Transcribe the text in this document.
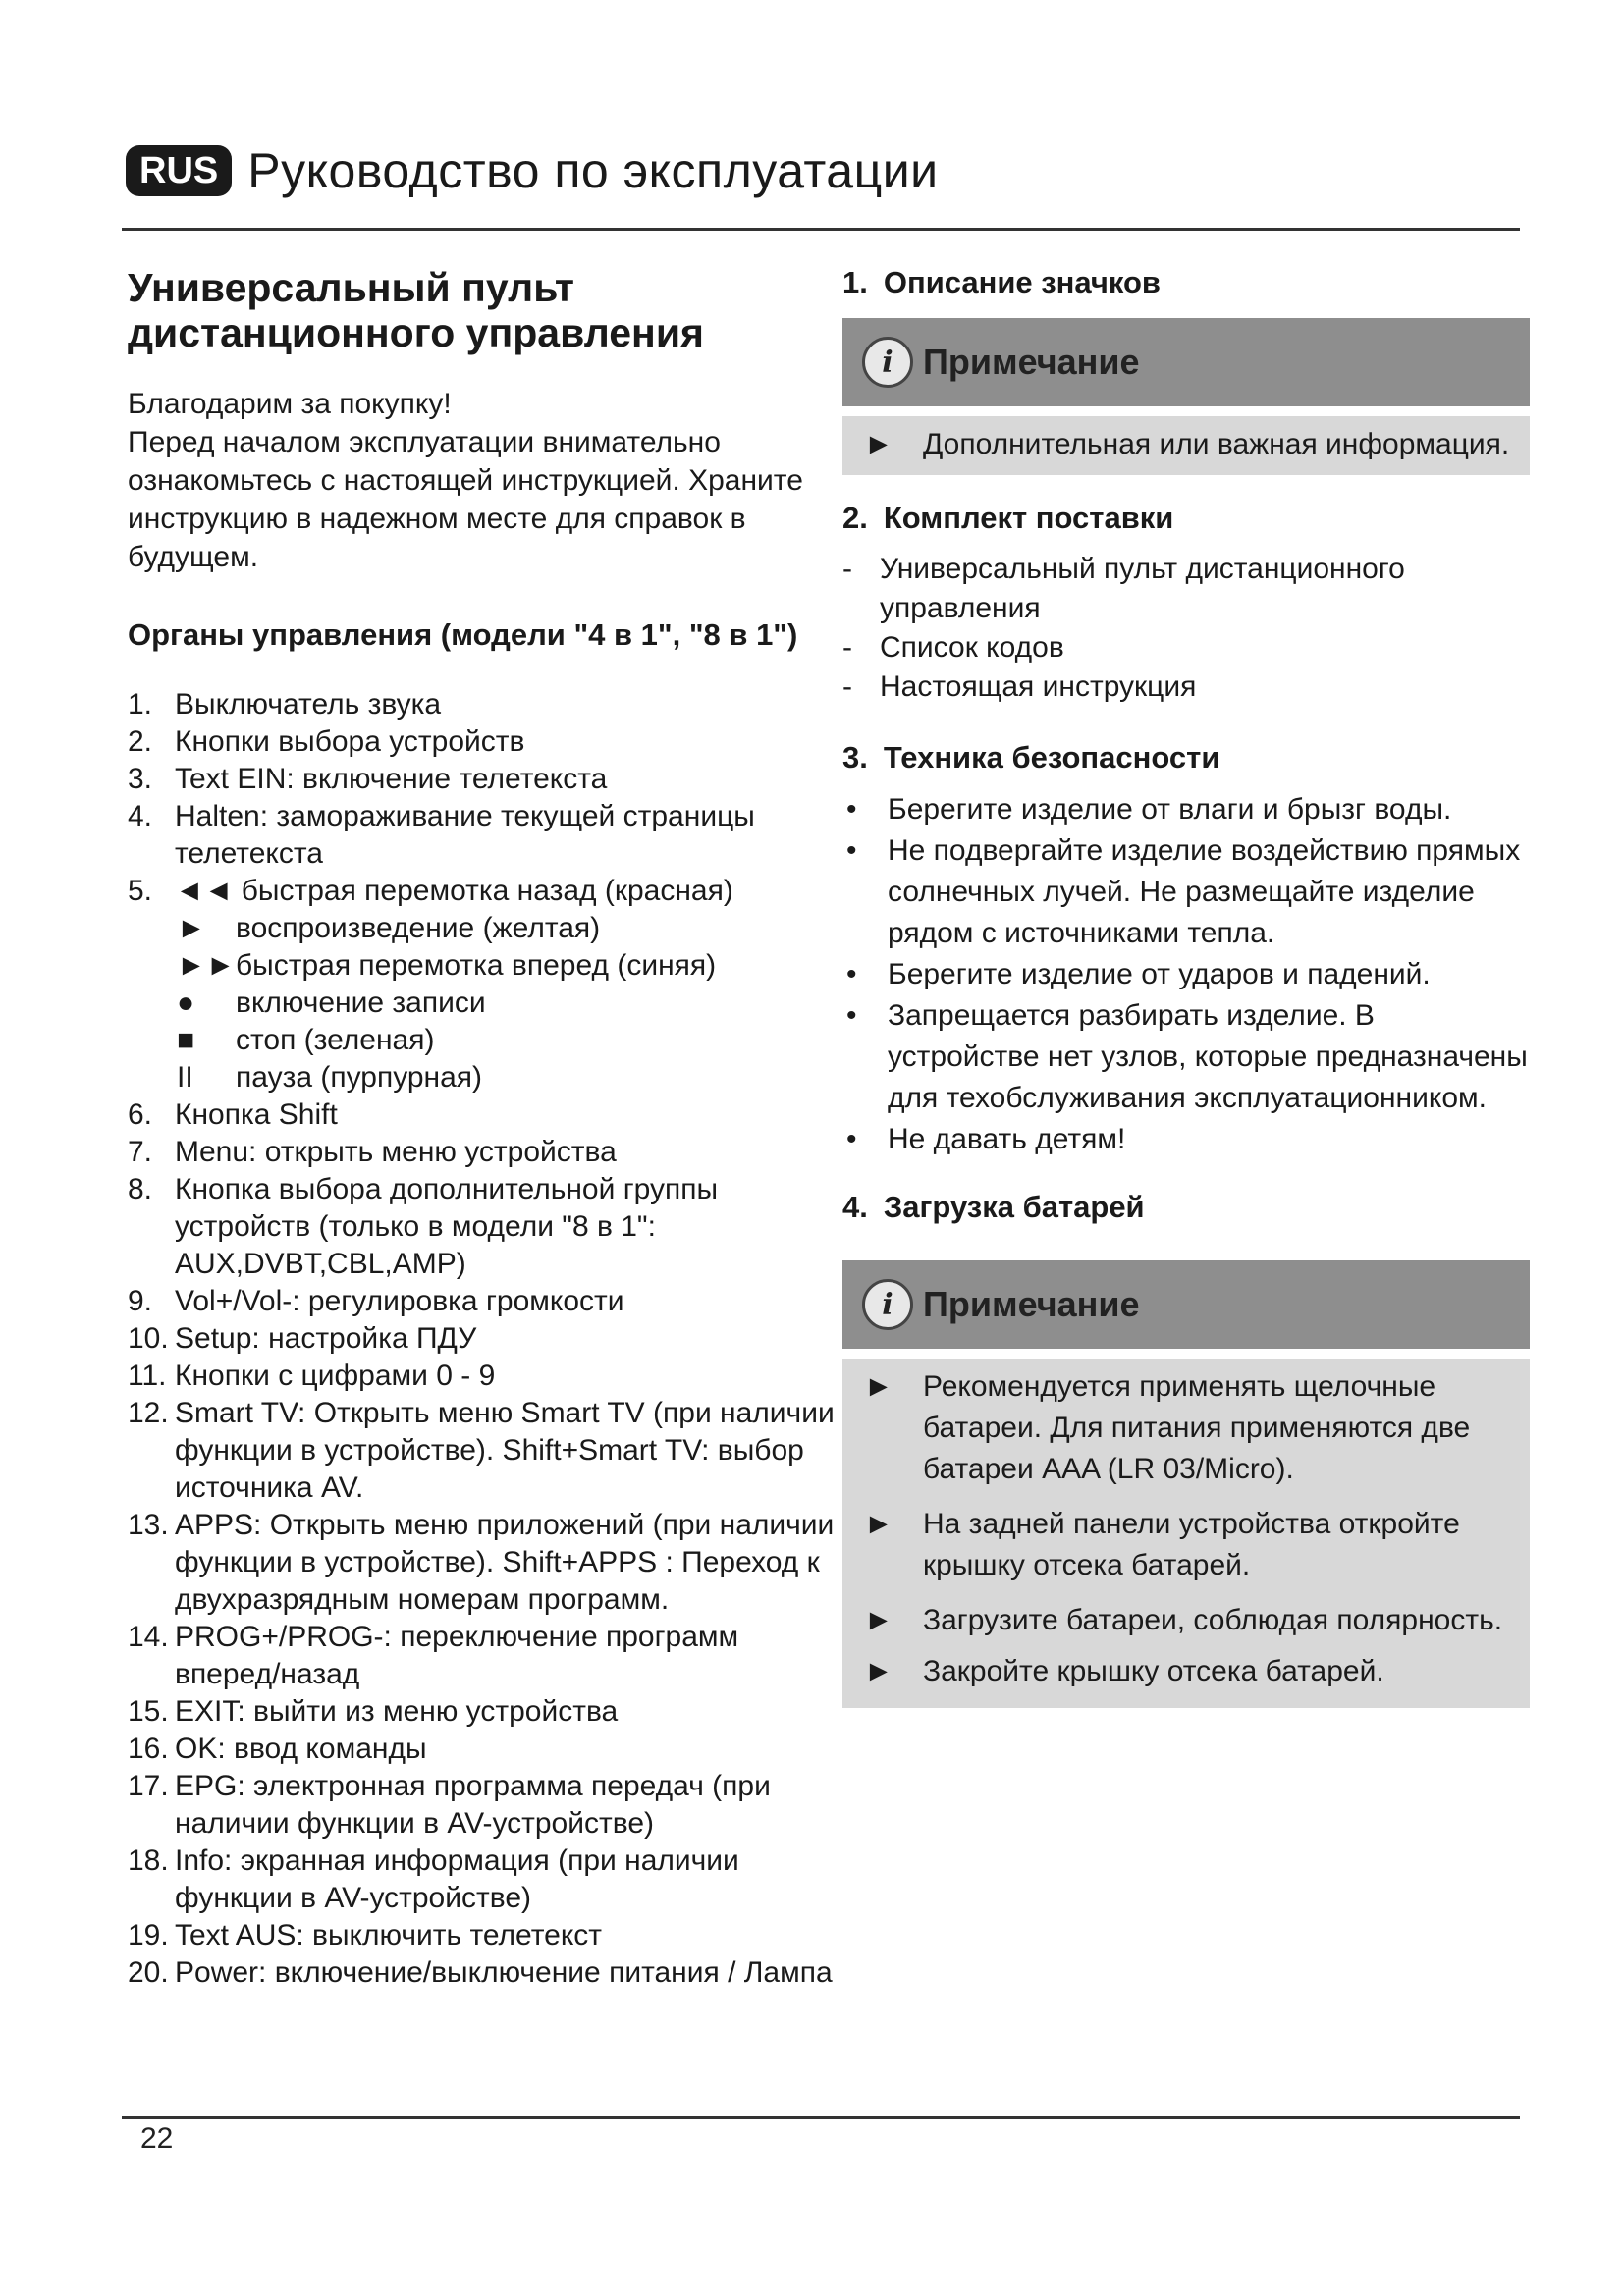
RUS Руководство по эксплуатации
Универсальный пульт
дистанционного управления
Благодарим за покупку!
Перед началом эксплуатации внимательно
ознакомьтесь с настоящей инструкцией. Храните
инструкцию в надежном месте для справок в будущем.
Органы управления (модели "4 в 1", "8 в 1")
1. Выключатель звука
2. Кнопки выбора устройств
3. Text EIN: включение телетекста
4. Halten: замораживание текущей страницы телетекста
5. ◄◄ быстрая перемотка назад (красная)
►	воспроизведение (желтая)
►► быстрая перемотка вперед (синяя)
●	включение записи
■	стоп (зеленая)
II	пауза (пурпурная)
6. Кнопка Shift
7. Menu: открыть меню устройства
8. Кнопка выбора дополнительной группы устройств (только в модели "8 в 1": AUX,DVBT,CBL,AMP)
9. Vol+/Vol-: регулировка громкости
10. Setup: настройка ПДУ
11. Кнопки с цифрами 0 - 9
12. Smart TV: Открыть меню Smart TV (при наличии функции в устройстве). Shift+Smart TV: выбор источника AV.
13. APPS: Открыть меню приложений (при наличии функции в устройстве). Shift+APPS : Переход к двухразрядным номерам программ.
14. PROG+/PROG-: переключение программ вперед/назад
15. EXIT: выйти из меню устройства
16. OK: ввод команды
17. EPG: электронная программа передач (при наличии функции в AV-устройстве)
18. Info: экранная информация (при наличии функции в AV-устройстве)
19. Text AUS: выключить телетекст
20. Power: включение/выключение питания / Лампа
1. Описание значков
i Примечание
►	Дополнительная или важная информация.
2. Комплект поставки
- Универсальный пульт дистанционного управления
- Список кодов
- Настоящая инструкция
3. Техника безопасности
•	Берегите изделие от влаги и брызг воды.
•	Не подвергайте изделие воздействию прямых солнечных лучей. Не размещайте изделие рядом с источниками тепла.
•	Берегите изделие от ударов и падений.
•	Запрещается разбирать изделие. В устройстве нет узлов, которые предназначены для техобслуживания эксплуатационником.
•	Не давать детям!
4. Загрузка батарей
i Примечание
►	Рекомендуется применять щелочные батареи. Для питания применяются две батареи AAA (LR 03/Micro).
►	На задней панели устройства откройте крышку отсека батарей.
►	Загрузите батареи, соблюдая полярность.
►	Закройте крышку отсека батарей.
22
